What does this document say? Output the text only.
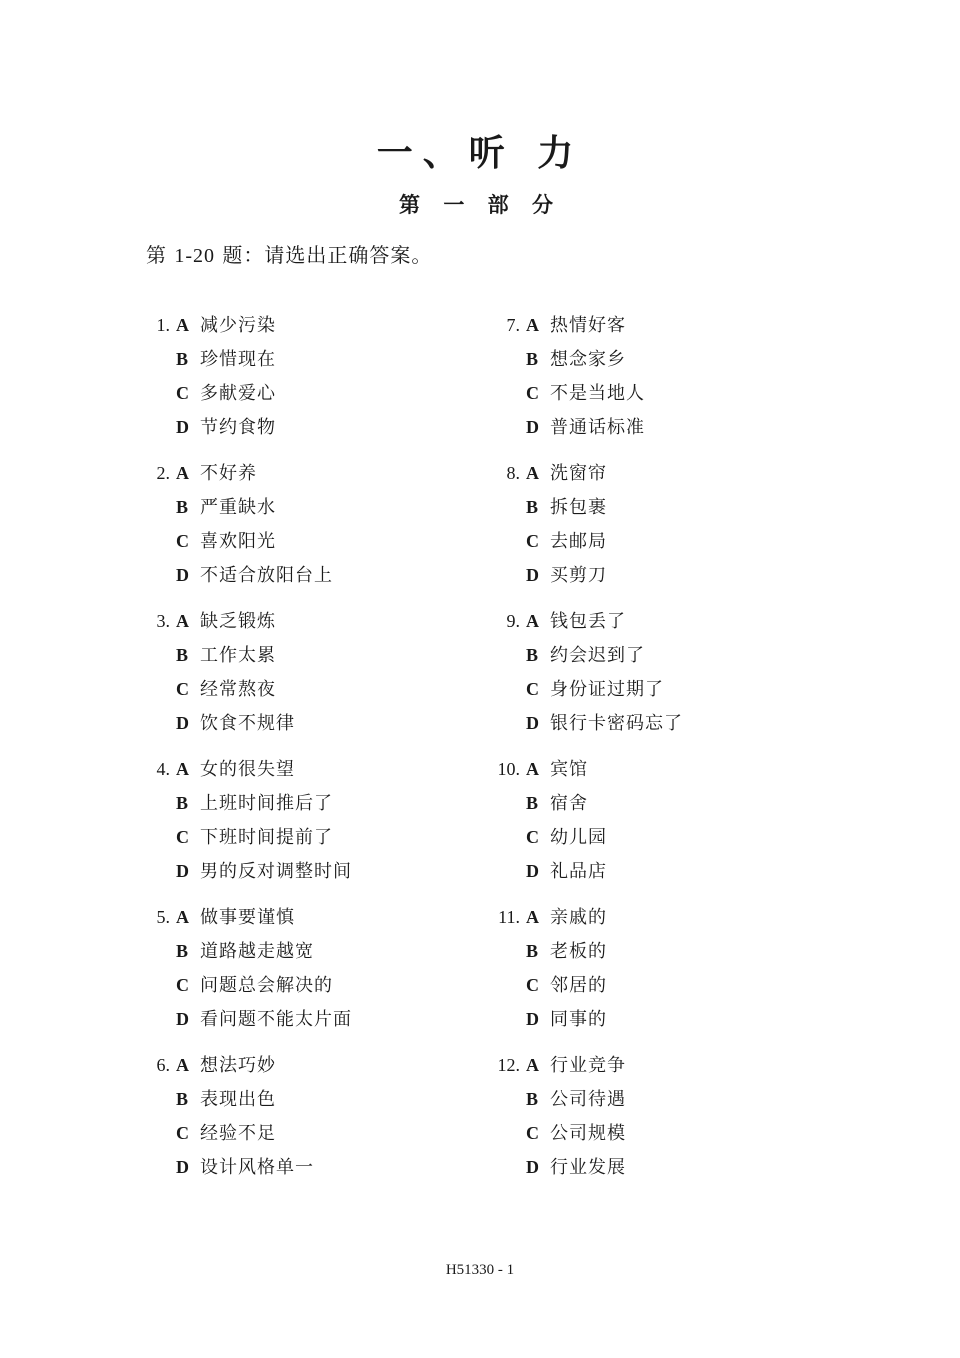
一、听 力
第 一 部 分
第 1-20 题：请选出正确答案。
1. A 减少污染
B 珍惜现在
C 多献爱心
D 节约食物
2. A 不好养
B 严重缺水
C 喜欢阳光
D 不适合放阳台上
3. A 缺乏锻炼
B 工作太累
C 经常熬夜
D 饮食不规律
4. A 女的很失望
B 上班时间推后了
C 下班时间提前了
D 男的反对调整时间
5. A 做事要谨慎
B 道路越走越宽
C 问题总会解决的
D 看问题不能太片面
6. A 想法巧妙
B 表现出色
C 经验不足
D 设计风格单一
7. A 热情好客
B 想念家乡
C 不是当地人
D 普通话标准
8. A 洗窗帘
B 拆包裹
C 去邮局
D 买剪刀
9. A 钱包丢了
B 约会迟到了
C 身份证过期了
D 银行卡密码忘了
10. A 宾馆
B 宿舍
C 幼儿园
D 礼品店
11. A 亲戚的
B 老板的
C 邻居的
D 同事的
12. A 行业竞争
B 公司待遇
C 公司规模
D 行业发展
H51330 - 1
